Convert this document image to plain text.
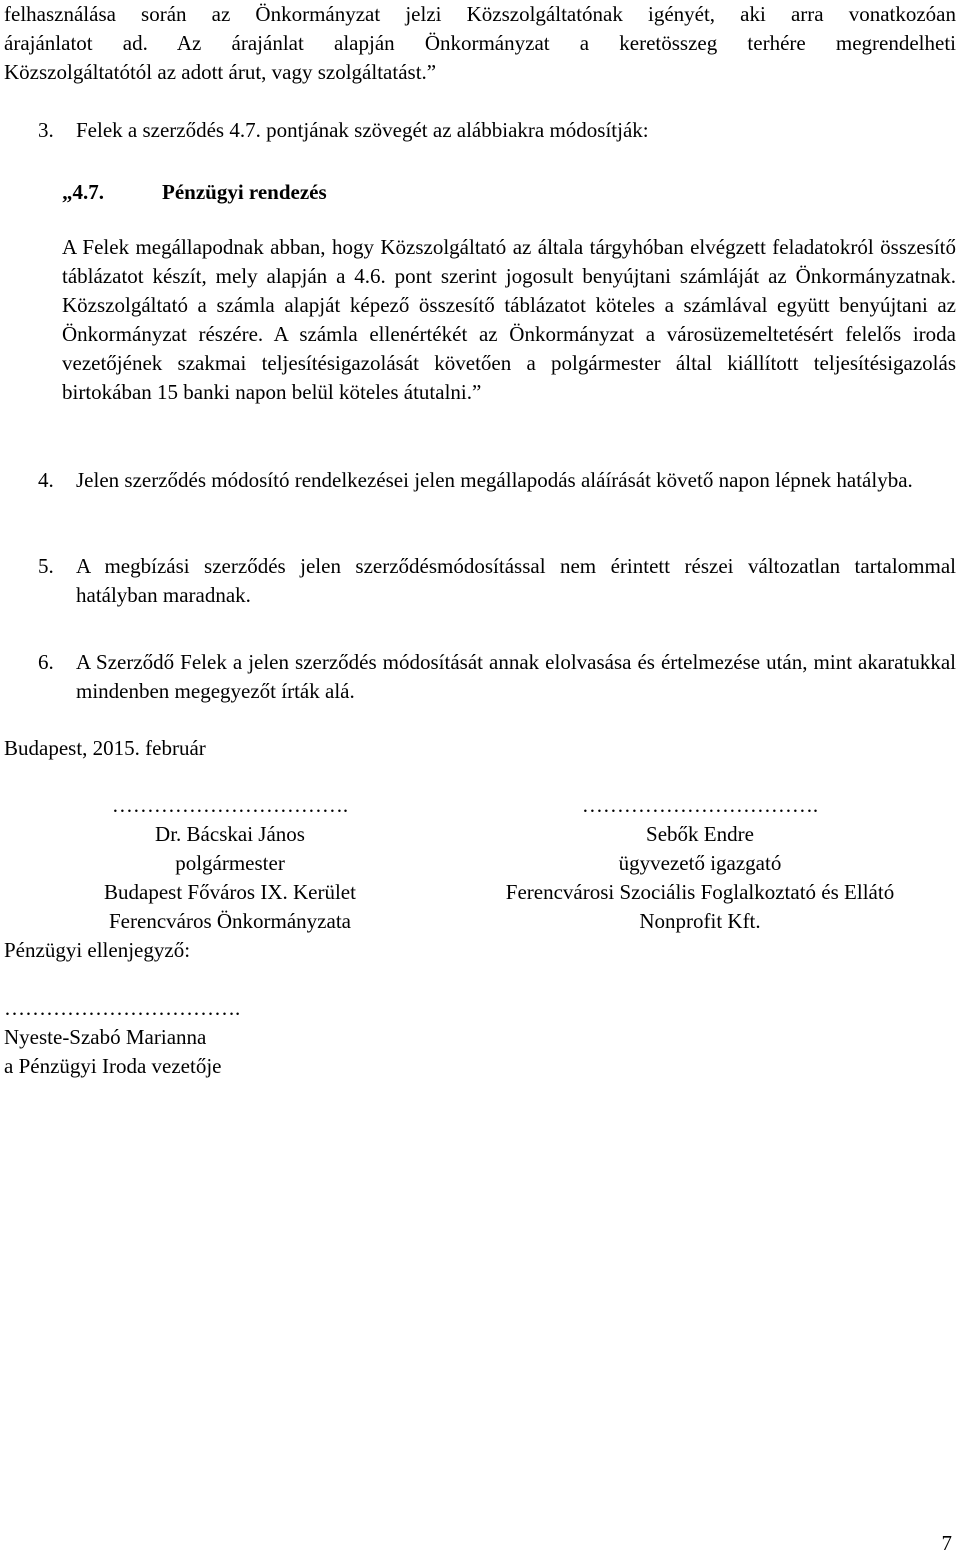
felhasználása során az Önkormányzat jelzi Közszolgáltatónak igényét, aki arra vonatkozóan
árajánlatot ad. Az árajánlat alapján Önkormányzat a keretösszeg terhére megrendelheti
Közszolgáltatótól az adott árut, vagy szolgáltatást.”
3. Felek a szerződés 4.7. pontjának szövegét az alábbiakra módosítják:
„4.7.	Pénzügyi rendezés
A Felek megállapodnak abban, hogy Közszolgáltató az általa tárgyhóban elvégzett feladatokról összesítő táblázatot készít, mely alapján a 4.6. pont szerint jogosult benyújtani számláját az Önkormányzatnak. Közszolgáltató a számla alapját képező összesítő táblázatot köteles a számlával együtt benyújtani az Önkormányzat részére. A számla ellenértékét az Önkormányzat a városüzemeltetésért felelős iroda vezetőjének szakmai teljesítésigazolását követően a polgármester által kiállított teljesítésigazolás birtokában 15 banki napon belül köteles átutalni.”
4. Jelen szerződés módosító rendelkezései jelen megállapodás aláírását követő napon lépnek hatályba.
5. A megbízási szerződés jelen szerződésmódosítással nem érintett részei változatlan tartalommal hatályban maradnak.
6. A Szerződő Felek a jelen szerződés módosítását annak elolvasása és értelmezése után, mint akaratukkal mindenben megegyezőt írták alá.
Budapest, 2015. február
…………………………….
Dr. Bácskai János
polgármester
Budapest Főváros IX. Kerület
Ferencváros Önkormányzata
…………………………….
Sebők Endre
ügyvezető igazgató
Ferencvárosi Szociális Foglalkoztató és Ellátó
Nonprofit Kft.
Pénzügyi ellenjegyző:
…………………………….
Nyeste-Szabó Marianna
a Pénzügyi Iroda vezetője
7
